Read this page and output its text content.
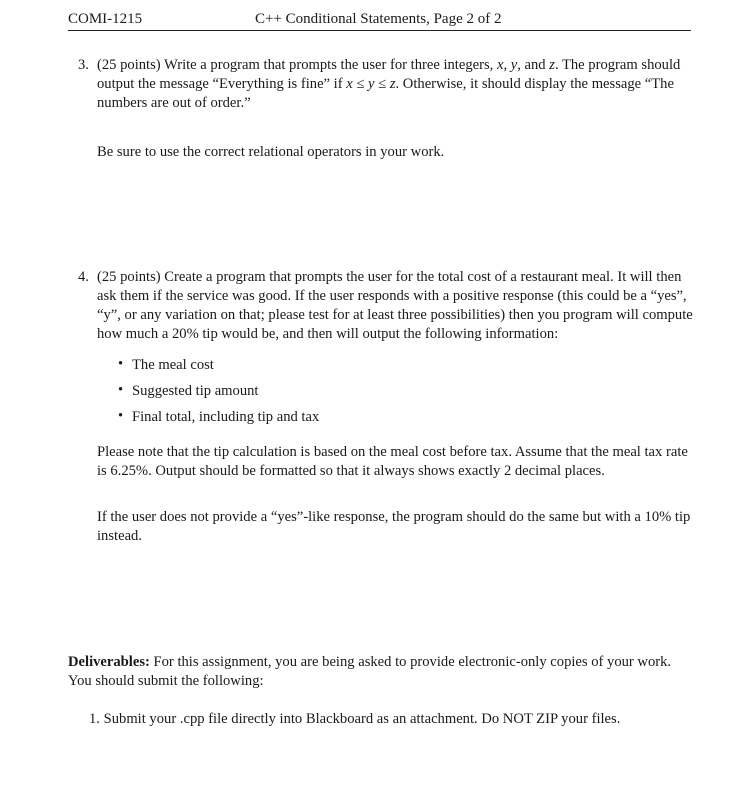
COMI-1215	C++ Conditional Statements, Page 2 of 2
3. (25 points) Write a program that prompts the user for three integers, x, y, and z. The program should output the message “Everything is fine” if x ≤ y ≤ z. Otherwise, it should display the message “The numbers are out of order.”
Be sure to use the correct relational operators in your work.
4. (25 points) Create a program that prompts the user for the total cost of a restaurant meal. It will then ask them if the service was good. If the user responds with a positive response (this could be a “yes”, “y”, or any variation on that; please test for at least three possibilities) then you program will compute how much a 20% tip would be, and then will output the following information:
• The meal cost
• Suggested tip amount
• Final total, including tip and tax
Please note that the tip calculation is based on the meal cost before tax. Assume that the meal tax rate is 6.25%. Output should be formatted so that it always shows exactly 2 decimal places.
If the user does not provide a “yes”-like response, the program should do the same but with a 10% tip instead.
Deliverables: For this assignment, you are being asked to provide electronic-only copies of your work. You should submit the following:
1. Submit your .cpp file directly into Blackboard as an attachment. Do NOT ZIP your files.
